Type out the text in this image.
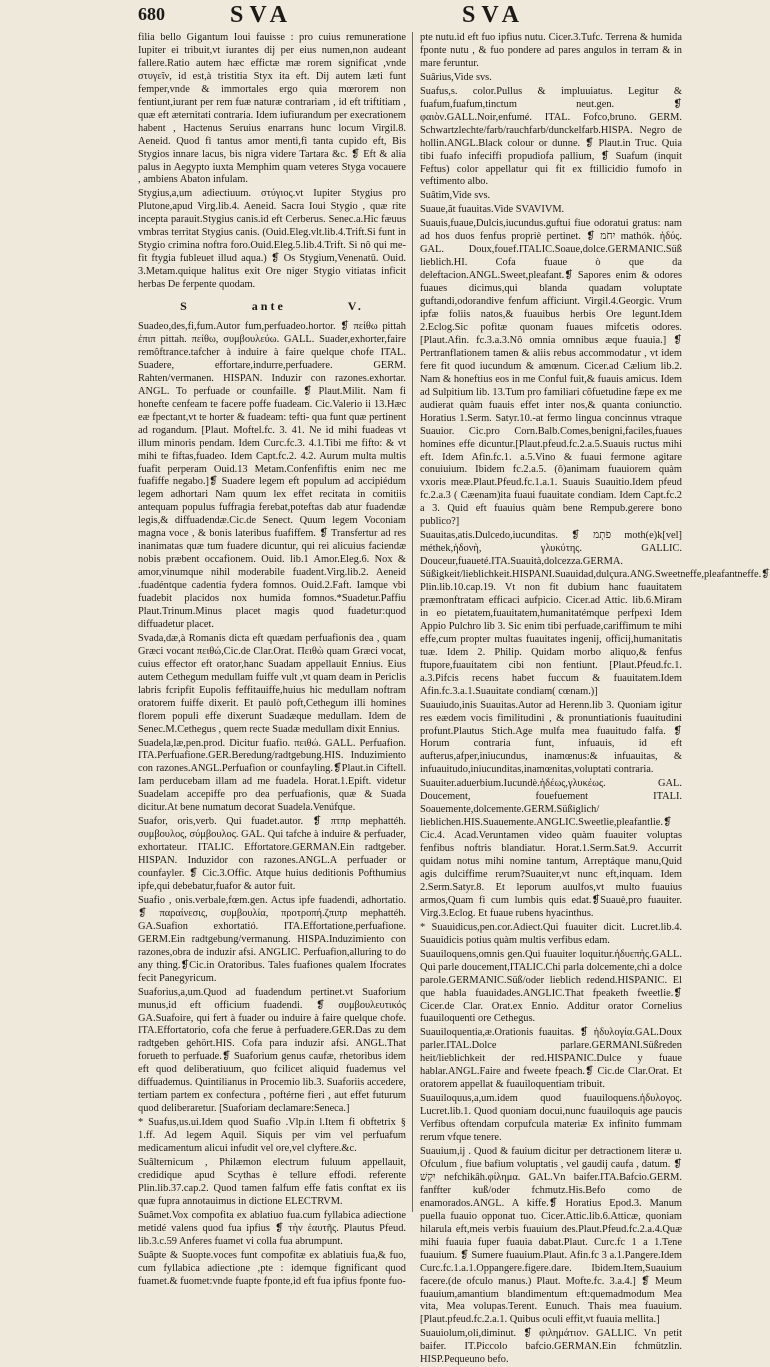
680	SVA	SVA

filia bello Gigantum Ioui fauisse : pro cuius remuneratione Iupiter ei tribuit,vt iurantes dij per eius numen,non audeant fallere.Ratio autem hæc effictæ mæ rorem significat ,vnde στυγεῖν, id est,à tristitia Styx ita eft. Dij autem læti funt femper,vnde & immortales ergo quia mœrorem non fentiunt,iurant per rem fuæ naturæ contrariam , id eft triftitiam , quæ eft æternitati contraria. Idem iufiurandum per execrationem habent , Hactenus Seruius enarrans hunc locum Virgil.8. Aeneid. Quod fi tantus amor menti,fi tanta cupido eft, Bis Stygios innare lacus, bis nigra videre Tartara &c. ❡ Eft & alia palus in Aegypto iuxta Memphim quam veteres Styga vocauere , ambiens Abaton infulam.

Stygius,a,um adiectiuum. στύγιος.vt Iupiter Stygius pro Plutone,apud Virg.lib.4. Aeneid. Sacra Ioui Stygio , quæ rite incepta parauit.Stygius canis.id eft Cerberus. Senec.a.Hic fæuus vmbras territat Stygius canis. (Ouid.Eleg.vlt.lib.4.Trift.Si funt in Stygio crimina noftra foro.Ouid.Eleg.5.lib.4.Trift. Si nô qui me- fit ftygia fubleuet illud aqua.) ❡ Os Stygium,Venenatû. Ouid. 3.Metam.quique halitus exit Ore niger Stygio vitiatas inficit herbas De ferpente quodam.

S	ante	V.

Suadeo,des,fi,fum.Autor fum,perfuadeo.hortor. ❡ πείθω pittah ἐπιπ pittah. πείθω, συμβουλεύω. GALL. Suader,exhorter,faire remôftrance.tafcher à induire à faire quelque chofe ITAL. Suadere, effortare,indurre,perfuadere. GERM. Rahten/vermanen. HISPAN. Induzir con razones.exhortar. ANGL. To perfuade or counfaille. ❡ Plaut.Milit. Nam fi honefte cenfeam te facere poffe fuadeam. Cic.Valerio ii 13.Hæc eæ fpectant,vt te horter & fuadeam: tefti- qua funt quæ pertinent ad rogandum. [Plaut. Moftel.fc. 3. 41. Ne id mihi fuadeas vt illum minoris pendam. Idem Curc.fc.3. 4.1.Tibi me fifto: & vt mihi te fiftas,fuadeo. Idem Capt.fc.2. 4.2. Aurum multa multis fuafit perperam Ouid.13 Metam.Confenfiftis enim nec me fuafiffe negabo.]❡ Suadere legem eft populum ad accipiédum legem adhortari Nam quum lex effet recitata in comitiis antequam populus fuffragia ferebat,poteftas dab atur fuadendæ legis,& diffuadendæ.Cic.de Senect. Quum legem Voconiam magna voce , & bonis lateribus fuafiffem. ❡ Transfertur ad res inanimatas quæ tum fuadere dicuntur, qui rei alicuius faciendæ nobis præbent occafionem. Ouid. lib.1 Amor.Eleg.6. Nox & amor,vinumque nihil moderabile fuadent.Virg.lib.2. Aeneid .fuadéntque cadentia fydera fomnos. Ouid.2.Faft. Iamque vbi fuadebit placidos nox humida fomnos.*Suadetur.Paffiu Plaut.Trinum.Minus placet magis quod fuadetur:quod diffuadetur placet.

Svada,dæ,à Romanis dicta eft quædam perfuafionis dea , quam Græci vocant πειθώ,Cic.de Clar.Orat. Πειθὼ quam Græci vocat, cuius effector eft orator,hanc Suadam appellauit Ennius. Eius autem Cethegum medullam fuiffe vult ,vt quam deam in Periclis labris fcripfit Eupolis feffitauiffe,huius hic medullam noftram oratorem fuiffe dixerit. Et paulò poft,Cethegum illi homines florem populi effe dixerunt Suadæque medullam. Idem de Senec.M.Cethegus , quem recte Suadæ medullam dixit Ennius.

Suadela,læ,pen.prod. Dicitur fuafio. πειθώ. GALL. Perfuafion. ITA.Perfuafione.GER.Beredung/radtgebung.HIS. Induzimiento con razones.ANGL.Perfuafion or counfayling.❡Plaut.in Ciftell. Iam perducebam illam ad me fuadela. Horat.1.Epift. videtur Suadelam accepiffe pro dea perfuafionis, quæ & Suada dicitur.At bene numatum decorat Suadela.Venúfque.

Suafor, oris,verb. Qui fuadet.autor. ❡ πτπρ mephattéh. συμβουλος, σύμβουλος. GAL. Qui tafche à induire & perfuader, exhortateur. ITALIC. Effortatore.GERMAN.Ein radtgeber. HISPAN. Induzidor con razones.ANGL.A perfuader or counfayler. ❡ Cic.3.Offic. Atque huius deditionis Pofthumius ipfe,qui debebatur,fuafor & autor fuit.

Suafio , onis.verbale,fœm.gen. Actus ipfe fuadendi, adhortatio. ❡ παραίνεσις, συμβουλία, προτροπή.ζπιπρ mephattéh. GA.Suafion exhortatió. ITA.Effortatione,perfuafione. GERM.Ein radtgebung/vermanung. HISPA.Induzimiento con razones,obra de induzir afsi. ANGLIC. Perfuafion,alluring to do any thing.❡Cic.in Oratoribus. Tales fuafiones qualem Ifocrates fecit Panegyricum.

Suaforius,a,um.Quod ad fuadendum pertinet.vt Suaforium munus,id eft officium fuadendi. ❡ συμβουλευτικός GA.Suafoire, qui fert à fuader ou induire à faire quelque chofe. ITA.Effortatorio, cofa che ferue à perfuadere.GER.Das zu dem radtgeben gehört.HIS. Cofa para induzir afsi. ANGL.That forueth to perfuade.❡ Suaforium genus caufæ, rhetoribus idem eft quod deliberatiuum, quo fcilicet aliquid fuademus vel diffuademus. Quintilianus in Procemio lib.3. Suaforiis accedere, tertiam partem ex confectura , poftérne fieri , aut effet futurum quod deliberaretur. [Suaforiam declamare:Seneca.]

* Suafus,us.ui.Idem quod Suafio .Vlp.in l.Item fi obftetrix § 1.ff. Ad legem Aquil. Siquis per vim vel perfuafum medicamentum alicui infudit vel ore,vel clyftere.&c.

Suâlternicum , Philæmon electrum fuluum appellauit, credidique apud Scythas è tellure effodi. referente Plin.lib.37.cap.2. Quod tamen falfum effe fatis conftat ex iis quæ fupra annotauimus in dictione ELECTRVM.

Suâmet.Vox compofita ex ablatiuo fua.cum fyllabica adiectione metidé valens quod fua ipfius ❡ τὴν ἑαυτῆς. Plautus Pfeud. lib.3.c.59 Anferes fuamet vi colla fua abrumpunt.

Suâpte & Suopte.voces funt compofitæ ex ablatiuis fua,& fuo, cum fyllabica adiectione ,pte : idemque fignificant quod fuamet.& fuomet:vnde fuapte fponte,id eft fua ipfius fponte fuo-

pte nutu.id eft fuo ipfius nutu. Cicer.3.Tufc. Terrena & humida fponte nutu , & fuo pondere ad pares angulos in terram & in mare feruntur.

Suârius,Vide svs.

Suafus,s. color.Pullus & impluuiatus. Legitur & fuafum,fuafum,tinctum neut.gen. ❡ φαιὸν.GALL.Noir,enfumé. ITAL. Fofco,bruno. GERM. Schwartzlechte/farb/rauchfarb/dunckelfarb.HISPA. Negro de hollin.ANGL.Black colour or dunne. ❡ Plaut.in Truc. Quia tibi fuafo infeciffi propudiofa pallium, ❡ Suafum (inquit Feftus) color appellatur qui fit ex ftillicidio fumofo in veftimento albo.

Suâtim,Vide svs.

Suaue,ãt fuauitas.Vide SVAVIVM.

Suauis,fuaue,Dulcis,iucundus.guftui fiue odoratui gratus: nam ad hos duos fenfus propriè pertinet. ❡ יִחֹמ mathók. ἡδύς. GAL. Doux,fouef.ITALIC.Soaue,dolce.GERMANIC.Süß lieblich.HI. Cofa fuaue ò que da deleftacion.ANGL.Sweet,pleafant.❡ Sapores enim & odores fuaues dicimus,qui blanda quadam voluptate guftandi,odorandive fenfum afficiunt. Virgil.4.Georgic. Vrum ipfæ foliis natos,& fuauibus herbis Ore legunt.Idem 2.Eclog.Sic pofitæ quonam fuaues mifcetis odores. [Plaut.Afin. fc.3.a.3.Nô omnia omnibus æque fuauia.] ❡ Pertranflationem tamen & aliis rebus accommodatur , vt idem fere fit quod iucundum & amœnum. Cicer.ad Cælium lib.2. Nam & honeftius eos in me Conful fuit,& fuauis amicus. Idem ad Sulpitium lib. 13.Tum pro familiari cõfuetudine fæpe ex me audierat quàm fuauis effet inter nos,& quanta coniunctio. Horatius 1.Serm. Satyr.10.-at fermo lingua concinnus vtraque Suauior. Cic.pro Corn.Balb.Comes,benigni,faciles,fuaues homines effe dicuntur.[Plaut.pfeud.fc.2.a.5.Suauis ructus mihi eft. Idem Afin.fc.1. a.5.Vino & fuaui fermone agitare conuiuium. Ibidem fc.2.a.5. (ô)animam fuauiorem quàm vxoris meæ.Plaut.Pfeud.fc.1.a.1. Suauis Suauitio.Idem pfeud fc.2.a.3 ( Cæenam)ita fuaui fuauitate condiam. Idem Capt.fc.2 a 3. Quid eft fuauius quàm bene Rempub.gerere bono publico?]

Suauitas,atis.Dulcedo,iucunditas. ❡ פֹתְמ moth(e)k[vel] méthek,ἡδονὴ, γλυκύτης. GALLIC. Douceur,fuaueté.ITA.Suauità,dolcezza.GERMA. Süßigkeit/lieblichkeit.HISPANI.Suauidad,dulçura.ANG.Sweetneffe,pleafantneffe.❡ Plin.lib.10.cap.19. Vt non fit dubium hanc fuauitatem præmonftratam efficaci aufpicio. Cicer.ad Attic. lib.6.Miram in eo pietatem,fuauitatem,humanitatémque perfpexi Idem Appio Pulchro lib 3. Sic enim tibi perfuade,cariffimum te mihi effe,cum propter multas fuauitates ingenij, officij,humanitatis tuæ. Idem 2. Philip. Quidam morbo aliquo,& fenfus ftupore,fuauitatem cibi non fentiunt. [Plaut.Pfeud.fc.1. a.3.Pifcis recens habet fuccum & fuauitatem.Idem Afin.fc.3.a.1.Suauitate condiam( cœnam.)]

Suauiudo,inis Suauitas.Autor ad Herenn.lib 3. Quoniam igitur res eædem vocis fimilitudini , & pronuntiationis fuauitudini profunt.Plautus Stich.Age mulfa mea fuauitudo falfa. ❡ Horum contraria funt, infuauis, id eft aufterus,afper,iniucundus, inamœnus:& infuauitas, & infuauitudo,iniucunditas,inamœnitas,voluptati contraria.

Suauiter.aduerbium.Iucundè.ἡδέως,γλυκέως. GAL. Doucement, fouefuement ITALI. Soauemente,dolcemente.GERM.Süßiglich/ lieblichen.HIS.Suauemente.ANGLIC.Sweetlie,pleafantlie.❡ Cic.4. Acad.Veruntamen video quàm fuauiter voluptas fenfibus noftris blandiatur. Horat.1.Serm.Sat.9. Accurrit quidam notus mihi nomine tantum, Arreptáque manu,Quid agis dulciffime rerum?Suauiter,vt nunc eft,inquam. Idem 2.Serm.Satyr.8. Et leporum auulfos,vt multo fuauius armos,Quam fi cum lumbis quis edat.❡Suauè,pro fuauiter. Virg.3.Eclog. Et fuaue rubens hyacinthus.

* Suauidicus,pen.cor.Adiect.Qui fuauiter dicit. Lucret.lib.4. Suauidicis potius quàm multis verfibus edam.

Suauiloquens,omnis gen.Qui fuauiter loquitur.ἡδυεπὴς.GALL. Qui parle doucement,ITALIC.Chi parla dolcemente,chi a dolce parole.GERMANIC.Süß/oder lieblich redend.HISPANIC. El que habla fuauidades.ANGLIC.That fpeaketh fweetlie.❡ Cicer.de Clar. Orat.ex Ennio. Additur orator Cornelius fuauiloquenti ore Cethegus.

Suauiloquentia,æ.Orationis fuauitas. ❡ ἡδυλογία.GAL.Doux parler.ITAL.Dolce parlare.GERMANI.Süßreden heit/lieblichkeit der red.HISPANIC.Dulce y fuaue hablar.ANGL.Faire and fweete fpeach.❡ Cic.de Clar.Orat. Et oratorem appellat & fuauiloquentiam tribuit.

Suauiloquus,a,um.idem quod fuauiloquens.ἡδυλογος. Lucret.lib.1. Quod quoniam docui,nunc fuauiloquis age paucis Verfibus oftendam corpufcula materiæ Ex infinito fummam rerum vfque tenere.

Suauium,ij . Quod & fauium dicitur per detractionem literæ u. Ofculum , fiue bafium voluptatis , vel gaudij caufa , datum. ❡ יִקְשׁ nefchikâh.φίλημα. GAL.Vn baifer.ITA.Bafcio.GERM. fanffter kuß/oder fchmutz.His.Befo como de enamorados.ANGL. A kiffe.❡ Horatius Epod.3. Manum puella fuauio opponat tuo. Cicer.Attic.lib.6.Atticæ, quoniam hilarula eft,meis verbis fuauium des.Plaut.Pfeud.fc.2.a.4.Quæ mihi fuauia fuper fuauia dabat.Plaut. Curc.fc 1 a 1.Tene fuauium. ❡ Sumere fuauium.Plaut. Afin.fc 3 a.1.Pangere.Idem Curc.fc.1.a.1.Oppangere.figere.dare. Ibidem.Item,Suauium facere.(de ofculo manus.) Plaut. Mofte.fc. 3.a.4.] ❡ Meum fuauium,amantium blandimentum eft:quemadmodum Mea vita, Mea volupas.Terent. Eunuch. Thais mea fuauium.[Plaut.pfeud.fc.2.a.1. Quibus oculi effit,vt fuauia mellita.]

Suauiolum,oli,diminut. ❡ φιλημάτιον. GALLIC. Vn petit baifer. IT.Piccolo bafcio.GERMAN.Ein fchmützlin. HISP.Pequeuno befo.
